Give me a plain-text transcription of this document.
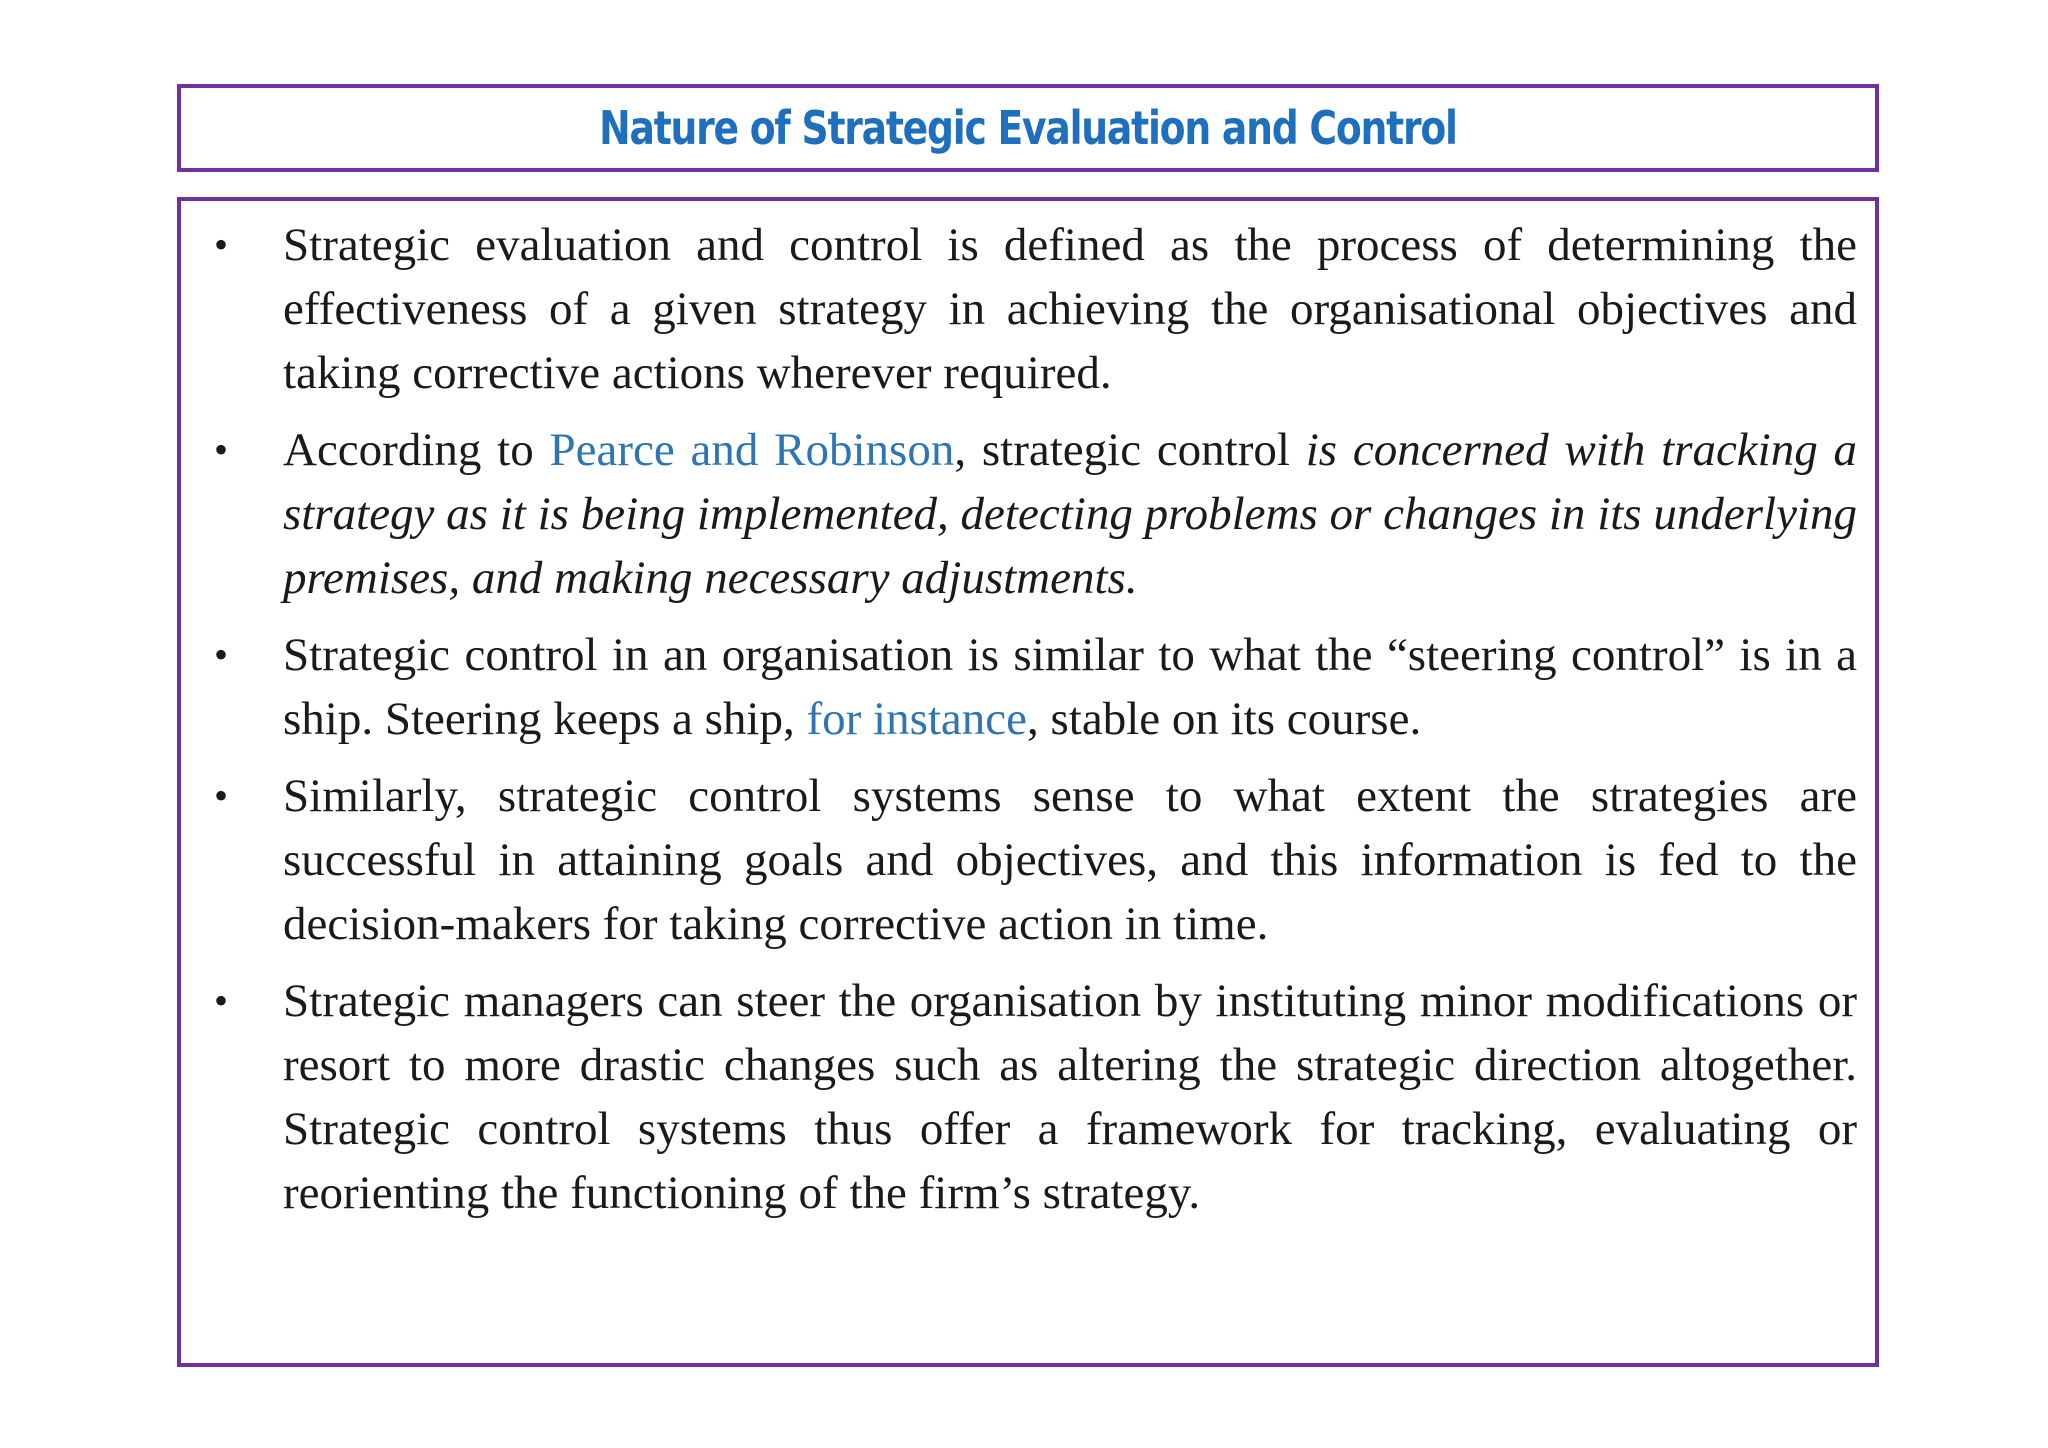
Nature of Strategic Evaluation and Control
•	Strategic evaluation and control is defined as the process of determining the effectiveness of a given strategy in achieving the organisational objectives and taking corrective actions wherever required.
•	According to Pearce and Robinson, strategic control is concerned with tracking a strategy as it is being implemented, detecting problems or changes in its underlying premises, and making necessary adjustments.
•	Strategic control in an organisation is similar to what the “steering control” is in a ship. Steering keeps a ship, for instance, stable on its course.
•	Similarly, strategic control systems sense to what extent the strategies are successful in attaining goals and objectives, and this information is fed to the decision-makers for taking corrective action in time.
•	Strategic managers can steer the organisation by instituting minor modifications or resort to more drastic changes such as altering the strategic direction altogether. Strategic control systems thus offer a framework for tracking, evaluating or reorienting the functioning of the firm’s strategy.
